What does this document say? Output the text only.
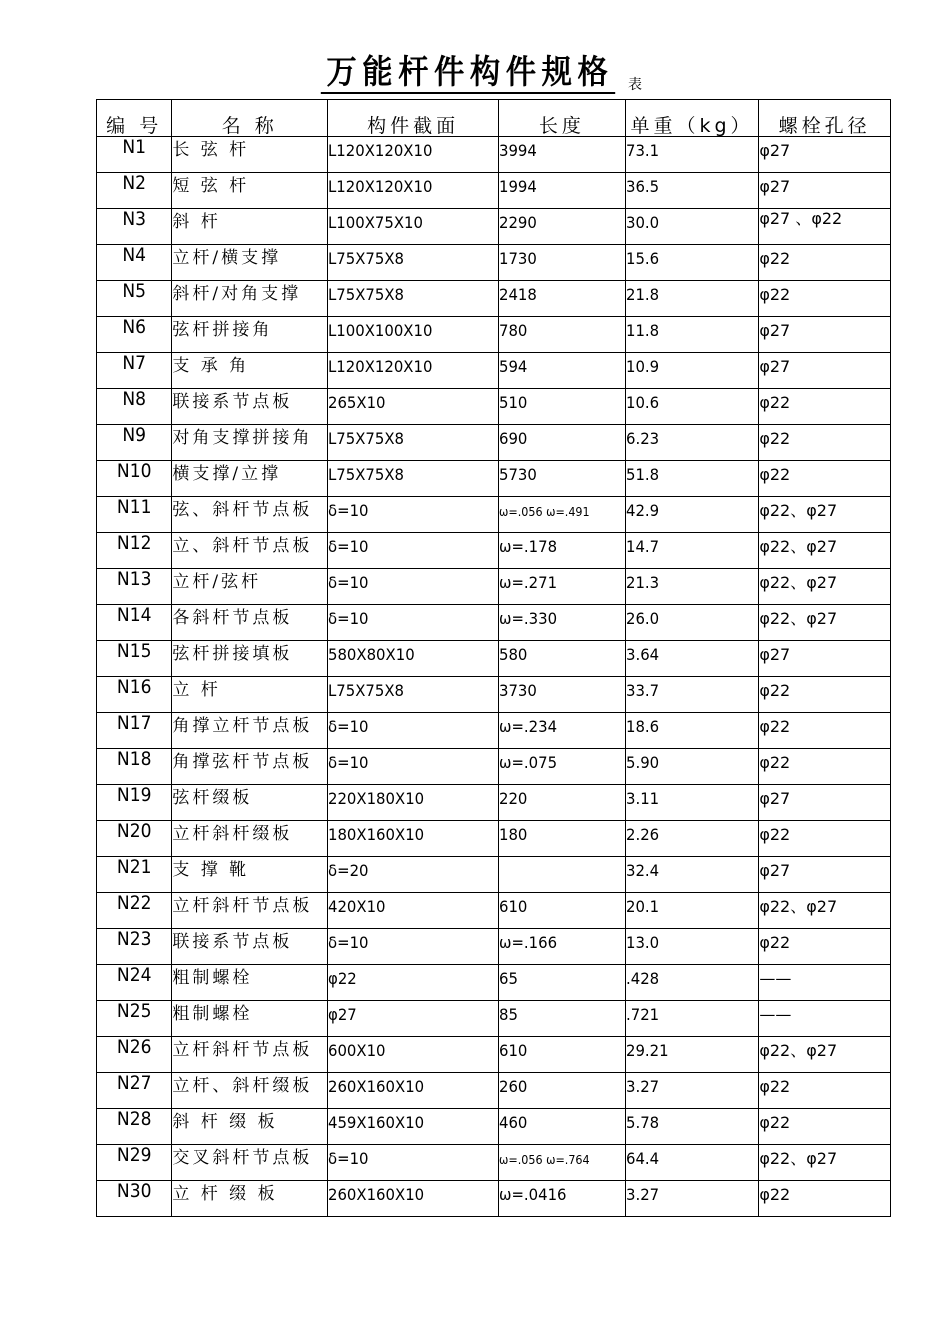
万能杆件构件规格 表
编 号	名 称	构件截面	长度	单重（kg）	螺栓孔径
N1	长 弦 杆	L120X120X10	3994	73.1	φ27
N2	短 弦 杆	L120X120X10	1994	36.5	φ27
N3	斜 杆	L100X75X10	2290	30.0	φ27 、φ22
N4	立杆/横支撑	L75X75X8	1730	15.6	φ22
N5	斜杆/对角支撑	L75X75X8	2418	21.8	φ22
N6	弦杆拼接角	L100X100X10	780	11.8	φ27
N7	支 承 角	L120X120X10	594	10.9	φ27
N8	联接系节点板	265X10	510	10.6	φ22
N9	对角支撑拼接角	L75X75X8	690	6.23	φ22
N10	横支撑/立撑	L75X75X8	5730	51.8	φ22
N11	弦、斜杆节点板	δ=10	ω=.056 ω=.491	42.9	φ22、φ27
N12	立、斜杆节点板	δ=10	ω=.178	14.7	φ22、φ27
N13	立杆/弦杆	δ=10	ω=.271	21.3	φ22、φ27
N14	各斜杆节点板	δ=10	ω=.330	26.0	φ22、φ27
N15	弦杆拼接填板	580X80X10	580	3.64	φ27
N16	立 杆	L75X75X8	3730	33.7	φ22
N17	角撑立杆节点板	δ=10	ω=.234	18.6	φ22
N18	角撑弦杆节点板	δ=10	ω=.075	5.90	φ22
N19	弦杆缀板	220X180X10	220	3.11	φ27
N20	立杆斜杆缀板	180X160X10	180	2.26	φ22
N21	支 撑 靴	δ=20		32.4	φ27
N22	立杆斜杆节点板	420X10	610	20.1	φ22、φ27
N23	联接系节点板	δ=10	ω=.166	13.0	φ22
N24	粗制螺栓	φ22	65	.428	——
N25	粗制螺栓	φ27	85	.721	——
N26	立杆斜杆节点板	600X10	610	29.21	φ22、φ27
N27	立杆、斜杆缀板	260X160X10	260	3.27	φ22
N28	斜 杆 缀 板	459X160X10	460	5.78	φ22
N29	交叉斜杆节点板	δ=10	ω=.056 ω=.764	64.4	φ22、φ27
N30	立 杆 缀 板	260X160X10	ω=.0416	3.27	φ22
